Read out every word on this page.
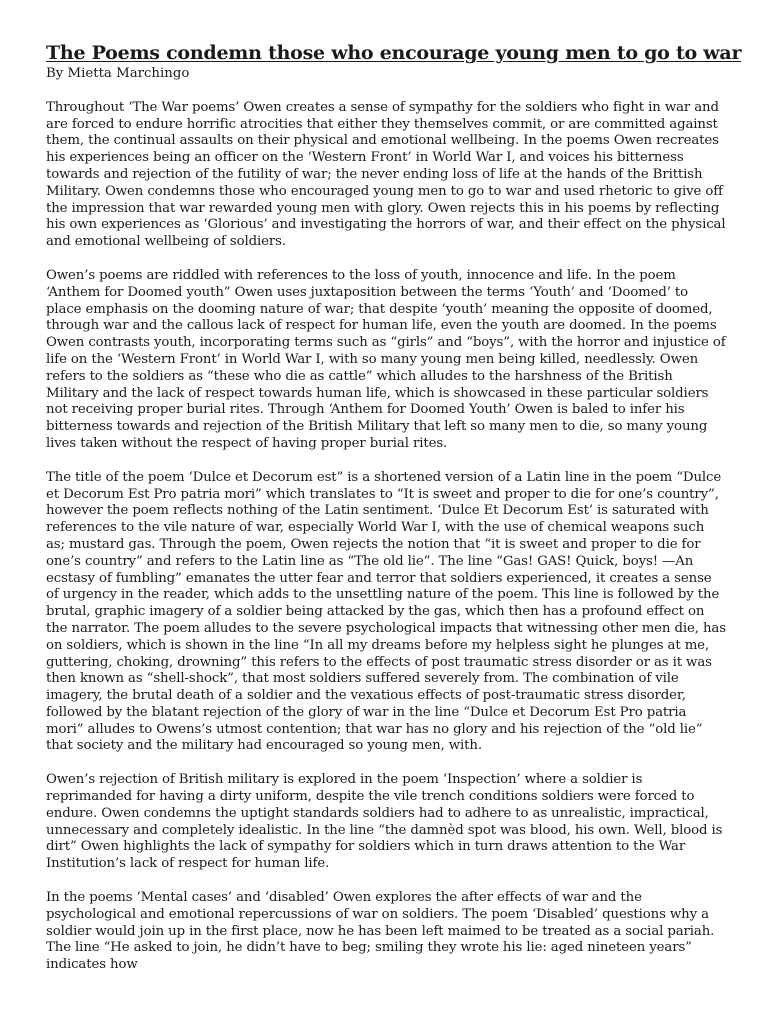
The Poems condemn those who encourage young men to go to war

By Mietta Marchingo

Throughout ‘The War poems’ Owen creates a sense of sympathy for the soldiers who fight in war and are forced to endure horrific atrocities that either they themselves commit, or are committed against them, the continual assaults on their physical and emotional wellbeing. In the poems Owen recreates his experiences being an officer on the ‘Western Front’ in World War I, and voices his bitterness towards and rejection of the futility of war; the never ending loss of life at the hands of the Brittish Military. Owen condemns those who encouraged young men to go to war and used rhetoric to give off the impression that war rewarded young men with glory. Owen rejects this in his poems by reflecting his own experiences as ‘Glorious’ and investigating the horrors of war, and their effect on the physical and emotional wellbeing of soldiers.

Owen’s poems are riddled with references to the loss of youth, innocence and life. In the poem ‘Anthem for Doomed youth” Owen uses juxtaposition between the terms ‘Youth’ and ‘Doomed’ to place emphasis on the dooming nature of war; that despite ‘youth’ meaning the opposite of doomed, through war and the callous lack of respect for human life, even the youth are doomed. In the poems Owen contrasts youth, incorporating terms such as “girls” and “boys”, with the horror and injustice of life on the ‘Western Front’ in World War I, with so many young men being killed, needlessly. Owen refers to the soldiers as “these who die as cattle” which alludes to the harshness of the British Military and the lack of respect towards human life, which is showcased in these particular soldiers not receiving proper burial rites. Through ‘Anthem for Doomed Youth’ Owen is baled to infer his bitterness towards and rejection of the British Military that left so many men to die, so many young lives taken without the respect of having proper burial rites.

The title of the poem ‘Dulce et Decorum est” is a shortened version of a Latin line in the poem “Dulce et Decorum Est Pro patria mori” which translates to “It is sweet and proper to die for one’s country”, however the poem reflects nothing of the Latin sentiment. ‘Dulce Et Decorum Est’ is saturated with references to the vile nature of war, especially World War I, with the use of chemical weapons such as; mustard gas. Through the poem, Owen rejects the notion that “it is sweet and proper to die for one’s country” and refers to the Latin line as “The old lie”. The line “Gas! GAS! Quick, boys! —An ecstasy of fumbling” emanates the utter fear and terror that soldiers experienced, it creates a sense of urgency in the reader, which adds to the unsettling nature of the poem. This line is followed by the brutal, graphic imagery of a soldier being attacked by the gas, which then has a profound effect on the narrator. The poem alludes to the severe psychological impacts that witnessing other men die, has on soldiers, which is shown in the line “In all my dreams before my helpless sight he plunges at me, guttering, choking, drowning” this refers to the effects of post traumatic stress disorder or as it was then known as “shell-shock”, that most soldiers suffered severely from. The combination of vile imagery, the brutal death of a soldier and the vexatious effects of post-traumatic stress disorder, followed by the blatant rejection of the glory of war in the line “Dulce et Decorum Est Pro patria mori” alludes to Owens’s utmost contention; that war has no glory and his rejection of the “old lie” that society and the military had encouraged so young men, with.

Owen’s rejection of British military is explored in the poem ‘Inspection’ where a soldier is reprimanded for having a dirty uniform, despite the vile trench conditions soldiers were forced to endure. Owen condemns the uptight standards soldiers had to adhere to as unrealistic, impractical, unnecessary and completely idealistic. In the line “the damnèd spot was blood, his own. Well, blood is dirt” Owen highlights the lack of sympathy for soldiers which in turn draws attention to the War Institution’s lack of respect for human life.

In the poems ‘Mental cases’ and ‘disabled’ Owen explores the after effects of war and the psychological and emotional repercussions of war on soldiers. The poem ‘Disabled’ questions why a soldier would join up in the first place, now he has been left maimed to be treated as a social pariah. The line “He asked to join, he didn’t have to beg; smiling they wrote his lie: aged nineteen years” indicates how
